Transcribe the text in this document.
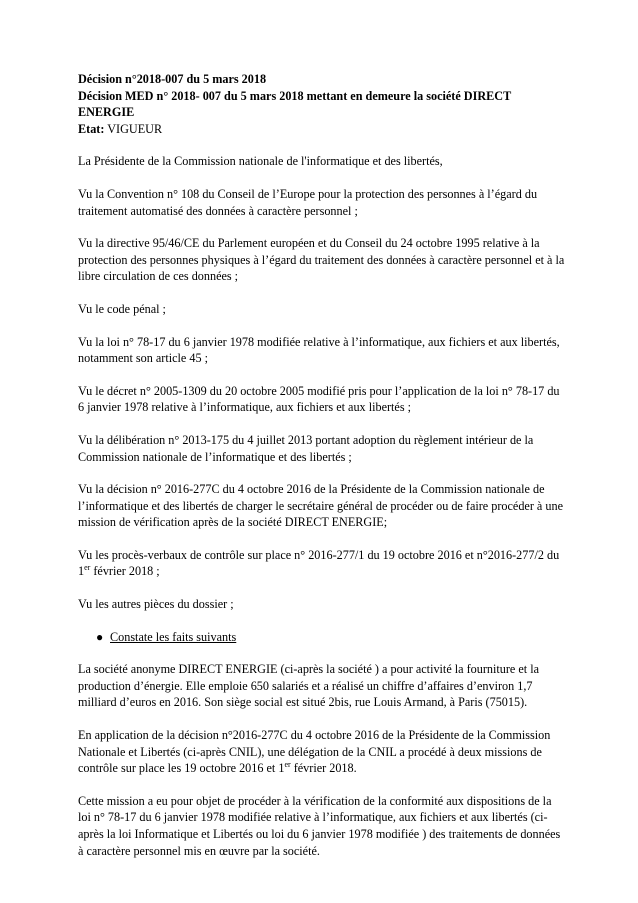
Décision n°2018-007 du 5 mars 2018
Décision MED n° 2018- 007 du 5 mars 2018 mettant en demeure la société DIRECT ENERGIE
Etat: VIGUEUR

La Présidente de la Commission nationale de l'informatique et des libertés,

Vu la Convention n° 108 du Conseil de l’Europe pour la protection des personnes à l’égard du traitement automatisé des données à caractère personnel ;

Vu la directive 95/46/CE du Parlement européen et du Conseil du 24 octobre 1995 relative à la protection des personnes physiques à l’égard du traitement des données à caractère personnel et à la libre circulation de ces données ;

Vu le code pénal ;

Vu la loi n° 78-17 du 6 janvier 1978 modifiée relative à l’informatique, aux fichiers et aux libertés, notamment son article 45 ;

Vu le décret n° 2005-1309 du 20 octobre 2005 modifié pris pour l’application de la loi n° 78-17 du 6 janvier 1978 relative à l’informatique, aux fichiers et aux libertés ;

Vu la délibération n° 2013-175 du 4 juillet 2013 portant adoption du règlement intérieur de la Commission nationale de l’informatique et des libertés ;

Vu la décision n° 2016-277C du 4 octobre 2016 de la Présidente de la Commission nationale de l’informatique et des libertés de charger le secrétaire général de procéder ou de faire procéder à une mission de vérification après de la société DIRECT ENERGIE;

Vu les procès-verbaux de contrôle sur place n° 2016-277/1 du 19 octobre 2016 et n°2016-277/2 du 1er février 2018 ;

Vu les autres pièces du dossier ;

● Constate les faits suivants

La société anonyme DIRECT ENERGIE (ci-après la société ) a pour activité la fourniture et la production d’énergie. Elle emploie 650 salariés et a réalisé un chiffre d’affaires d’environ 1,7 milliard d’euros en 2016. Son siège social est situé 2bis, rue Louis Armand, à Paris (75015).

En application de la décision n°2016-277C du 4 octobre 2016 de la Présidente de la Commission Nationale et Libertés (ci-après CNIL), une délégation de la CNIL a procédé à deux missions de contrôle sur place les 19 octobre 2016 et 1er février 2018.

Cette mission a eu pour objet de procéder à la vérification de la conformité aux dispositions de la loi n° 78-17 du 6 janvier 1978 modifiée relative à l’informatique, aux fichiers et aux libertés (ci-après la loi Informatique et Libertés ou loi du 6 janvier 1978 modifiée ) des traitements de données à caractère personnel mis en œuvre par la société.
